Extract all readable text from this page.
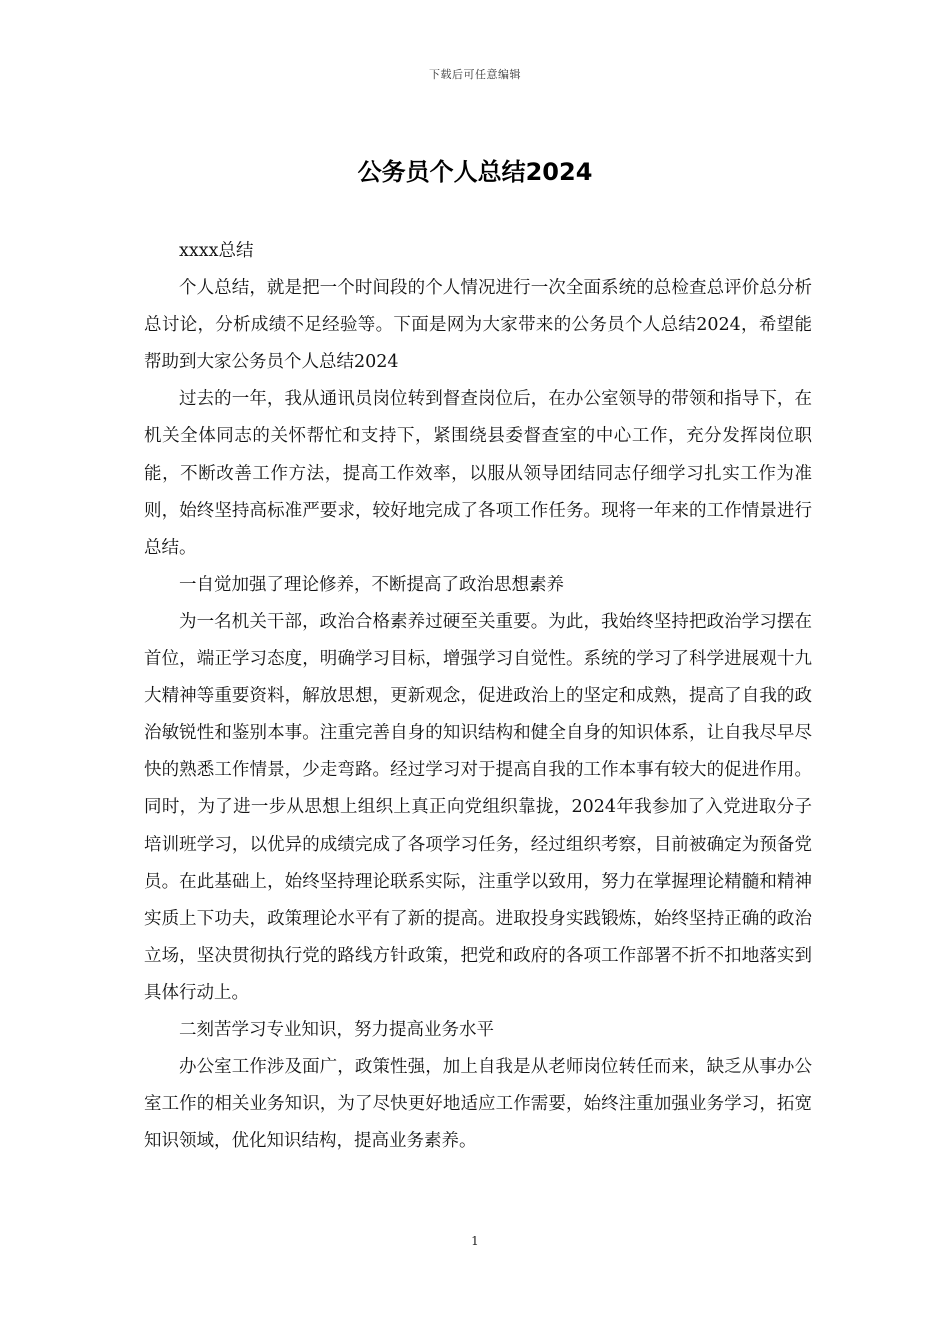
下载后可任意编辑
公务员个人总结2024

xxxx总结

个人总结，就是把一个时间段的个人情况进行一次全面系统的总检查总评价总分析总讨论，分析成绩不足经验等。下面是网为大家带来的公务员个人总结2024，希望能帮助到大家公务员个人总结2024

过去的一年，我从通讯员岗位转到督查岗位后，在办公室领导的带领和指导下，在机关全体同志的关怀帮忙和支持下，紧围绕县委督查室的中心工作，充分发挥岗位职能，不断改善工作方法，提高工作效率，以服从领导团结同志仔细学习扎实工作为准则，始终坚持高标准严要求，较好地完成了各项工作任务。现将一年来的工作情景进行总结。

一自觉加强了理论修养，不断提高了政治思想素养

为一名机关干部，政治合格素养过硬至关重要。为此，我始终坚持把政治学习摆在首位，端正学习态度，明确学习目标，增强学习自觉性。系统的学习了科学进展观十九大精神等重要资料，解放思想，更新观念，促进政治上的坚定和成熟，提高了自我的政治敏锐性和鉴别本事。注重完善自身的知识结构和健全自身的知识体系，让自我尽早尽快的熟悉工作情景，少走弯路。经过学习对于提高自我的工作本事有较大的促进作用。同时，为了进一步从思想上组织上真正向党组织靠拢，2024年我参加了入党进取分子培训班学习，以优异的成绩完成了各项学习任务，经过组织考察，目前被确定为预备党员。在此基础上，始终坚持理论联系实际，注重学以致用，努力在掌握理论精髓和精神实质上下功夫，政策理论水平有了新的提高。进取投身实践锻炼，始终坚持正确的政治立场，坚决贯彻执行党的路线方针政策，把党和政府的各项工作部署不折不扣地落实到具体行动上。

二刻苦学习专业知识，努力提高业务水平

办公室工作涉及面广，政策性强，加上自我是从老师岗位转任而来，缺乏从事办公室工作的相关业务知识，为了尽快更好地适应工作需要，始终注重加强业务学习，拓宽知识领域，优化知识结构，提高业务素养。

1
